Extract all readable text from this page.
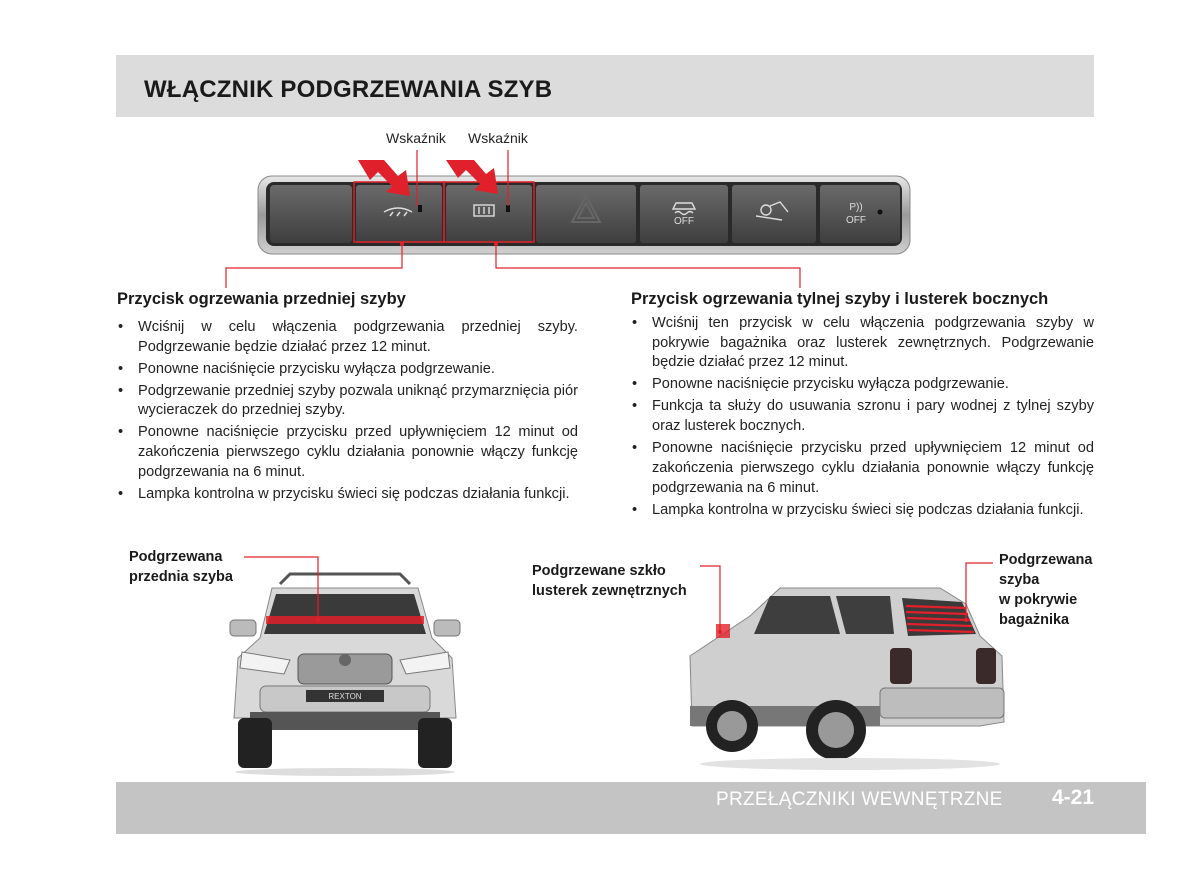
WŁĄCZNIK PODGRZEWANIA SZYB
Wskaźnik Wskaźnik
OFF
P))
OFF
Przycisk ogrzewania przedniej szyby
• Wciśnij w celu włączenia podgrzewania przedniej szyby. Podgrzewanie będzie działać przez 12 minut.
• Ponowne naciśnięcie przycisku wyłącza podgrzewanie.
• Podgrzewanie przedniej szyby pozwala uniknąć przymarznięcia piór wycieraczek do przedniej szyby.
• Ponowne naciśnięcie przycisku przed upływnięciem 12 minut od zakończenia pierwszego cyklu działania ponownie włączy funkcję podgrzewania na 6 minut.
• Lampka kontrolna w przycisku świeci się podczas działania funkcji.
Przycisk ogrzewania tylnej szyby i lusterek bocznych
• Wciśnij ten przycisk w celu włączenia podgrzewania szyby w pokrywie bagażnika oraz lusterek zewnętrznych. Podgrzewanie będzie działać przez 12 minut.
• Ponowne naciśnięcie przycisku wyłącza podgrzewanie.
• Funkcja ta służy do usuwania szronu i pary wodnej z tylnej szyby oraz lusterek bocznych.
• Ponowne naciśnięcie przycisku przed upływnięciem 12 minut od zakończenia pierwszego cyklu działania ponownie włączy funkcję podgrzewania na 6 minut.
• Lampka kontrolna w przycisku świeci się podczas działania funkcji.
REXTON
Podgrzewana
przednia szyba	Podgrzewane szkło
lusterek zewnętrznych
Podgrzewana
szyba
w pokrywie
bagażnika
PRZEŁĄCZNIKI WEWNĘTRZNE 4-21
